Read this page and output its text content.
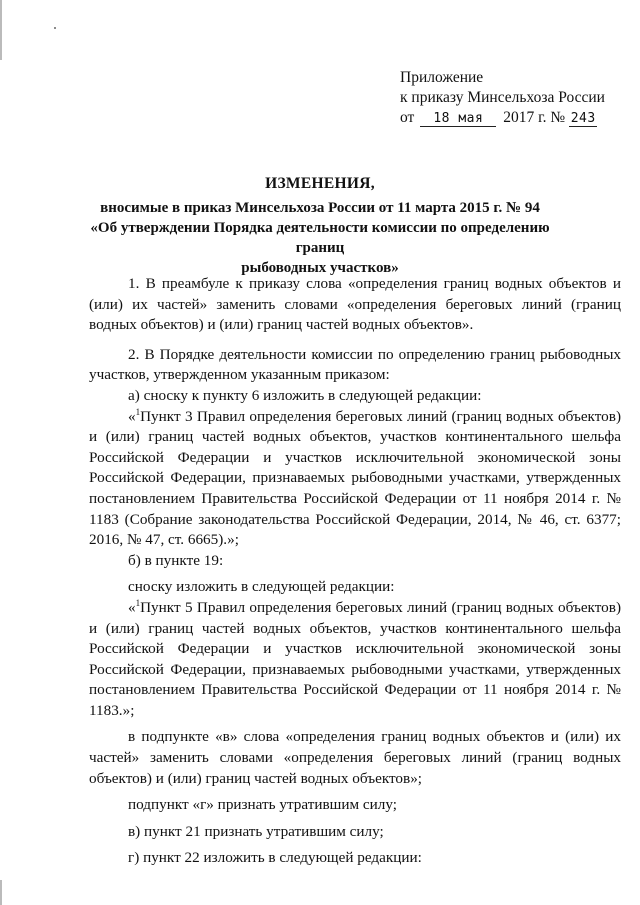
Приложение
к приказу Минсельхоза России
от 18 мая 2017 г. № 243
ИЗМЕНЕНИЯ,
вносимые в приказ Минсельхоза России от 11 марта 2015 г. № 94
«Об утверждении Порядка деятельности комиссии по определению границ
рыбоводных участков»

1. В преамбуле к приказу слова «определения границ водных объектов и (или) их частей» заменить словами «определения береговых линий (границ водных объектов) и (или) границ частей водных объектов».

2. В Порядке деятельности комиссии по определению границ рыбоводных участков, утвержденном указанным приказом:

а) сноску к пункту 6 изложить в следующей редакции:

«$^1$Пункт 3 Правил определения береговых линий (границ водных объектов) и (или) границ частей водных объектов, участков континентального шельфа Российской Федерации и участков исключительной экономической зоны Российской Федерации, признаваемых рыбоводными участками, утвержденных постановлением Правительства Российской Федерации от 11 ноября 2014 г. № 1183 (Собрание законодательства Российской Федерации, 2014, № 46, ст. 6377; 2016, № 47, ст. 6665).»;

б) в пункте 19:

сноску изложить в следующей редакции:

«$^1$Пункт 5 Правил определения береговых линий (границ водных объектов) и (или) границ частей водных объектов, участков континентального шельфа Российской Федерации и участков исключительной экономической зоны Российской Федерации, признаваемых рыбоводными участками, утвержденных постановлением Правительства Российской Федерации от 11 ноября 2014 г. № 1183.»;

в подпункте «в» слова «определения границ водных объектов и (или) их частей» заменить словами «определения береговых линий (границ водных объектов) и (или) границ частей водных объектов»;

подпункт «г» признать утратившим силу;

в) пункт 21 признать утратившим силу;

г) пункт 22 изложить в следующей редакции:
